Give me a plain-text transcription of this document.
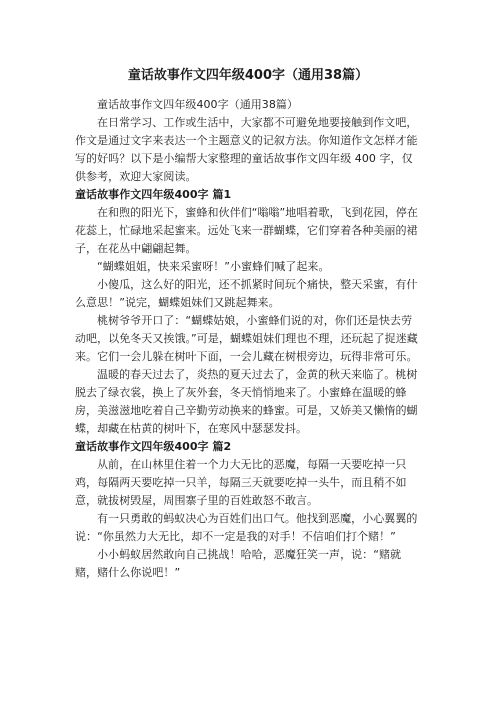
童话故事作文四年级400字（通用38篇）

童话故事作文四年级400字（通用38篇）

在日常学习、工作或生活中，大家都不可避免地要接触到作文吧，作文是通过文字来表达一个主题意义的记叙方法。你知道作文怎样才能写的好吗？以下是小编帮大家整理的童话故事作文四年级 400 字，仅供参考，欢迎大家阅读。

童话故事作文四年级400字 篇1

在和煦的阳光下，蜜蜂和伙伴们“嗡嗡”地唱着歌，飞到花园，停在花蕊上，忙碌地采起蜜来。远处飞来一群蝴蝶，它们穿着各种美丽的裙子，在花丛中翩翩起舞。

“蝴蝶姐姐，快来采蜜呀！”小蜜蜂们喊了起来。

小傻瓜，这么好的阳光，还不抓紧时间玩个痛快，整天采蜜，有什么意思！”说完，蝴蝶姐妹们又跳起舞来。

桃树爷爷开口了：“蝴蝶姑娘，小蜜蜂们说的对，你们还是快去劳动吧，以免冬天又挨饿。”可是，蝴蝶姐妹们理也不理，还玩起了捉迷藏来。它们一会儿躲在树叶下面，一会儿藏在树根旁边，玩得非常可乐。

温暖的春天过去了，炎热的夏天过去了，金黄的秋天来临了。桃树脱去了绿衣裳，换上了灰外套，冬天悄悄地来了。小蜜蜂在温暖的蜂房，美滋滋地吃着自己辛勤劳动换来的蜂蜜。可是，又娇美又懒惰的蝴蝶，却藏在枯黄的树叶下，在寒风中瑟瑟发抖。

童话故事作文四年级400字 篇2

从前，在山林里住着一个力大无比的恶魔，每隔一天要吃掉一只鸡，每隔两天要吃掉一只羊，每隔三天就要吃掉一头牛，而且稍不如意，就拔树毁屋，周围寨子里的百姓敢怒不敢言。

有一只勇敢的蚂蚁决心为百姓们出口气。他找到恶魔，小心翼翼的说：“你虽然力大无比，却不一定是我的对手！不信咱们打个赌！”

小小蚂蚁居然敢向自己挑战！哈哈，恶魔狂笑一声，说：“赌就赌，赌什么你说吧！”
